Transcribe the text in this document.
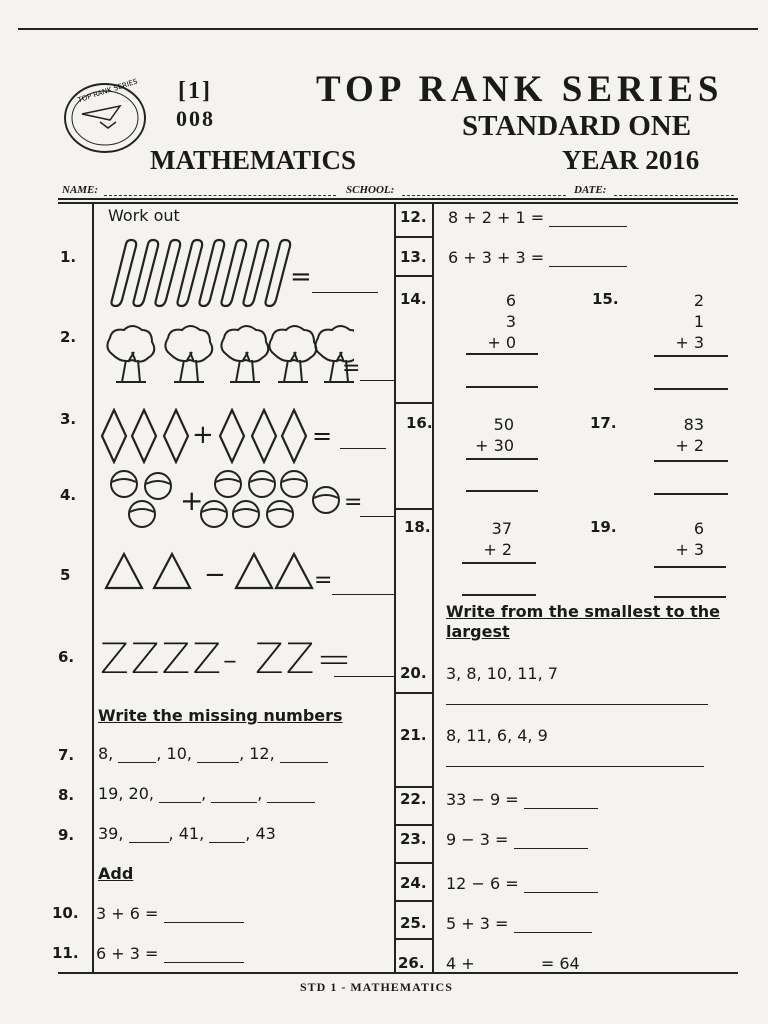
TOP RANK SERIES [1]
008
TOP RANK SERIES
STANDARD ONE
MATHEMATICS	YEAR 2016
NAME:	SCHOOL:	DATE:
Work out
1.
=
2.
=
3.
+	=
4.	+	=
5	−	=
6. ZZZZ- ZZ=
Write the missing numbers
7. 8,	, 10,	, 12,
8. 19, 20,	,	,
9. 39,	, 41,	, 43
Add
10. 3 + 6 =
11. 6 + 3 =
12. 8 + 2 + 1 =
13. 6 + 3 + 3 =
14.	6
3
+ 0
15.	2
1
+ 3
16.	50
+ 30
17.	83
+ 2
18.	37
+ 2
19.	6
+ 3
Write from the smallest to the
largest
20. 3, 8, 10, 11, 7
21. 8, 11, 6, 4, 9
22. 33 − 9 =
23. 9 − 3 =
24. 12 − 6 =
25. 5 + 3 =
26. 4 +	= 64
STD 1 - MATHEMATICS
